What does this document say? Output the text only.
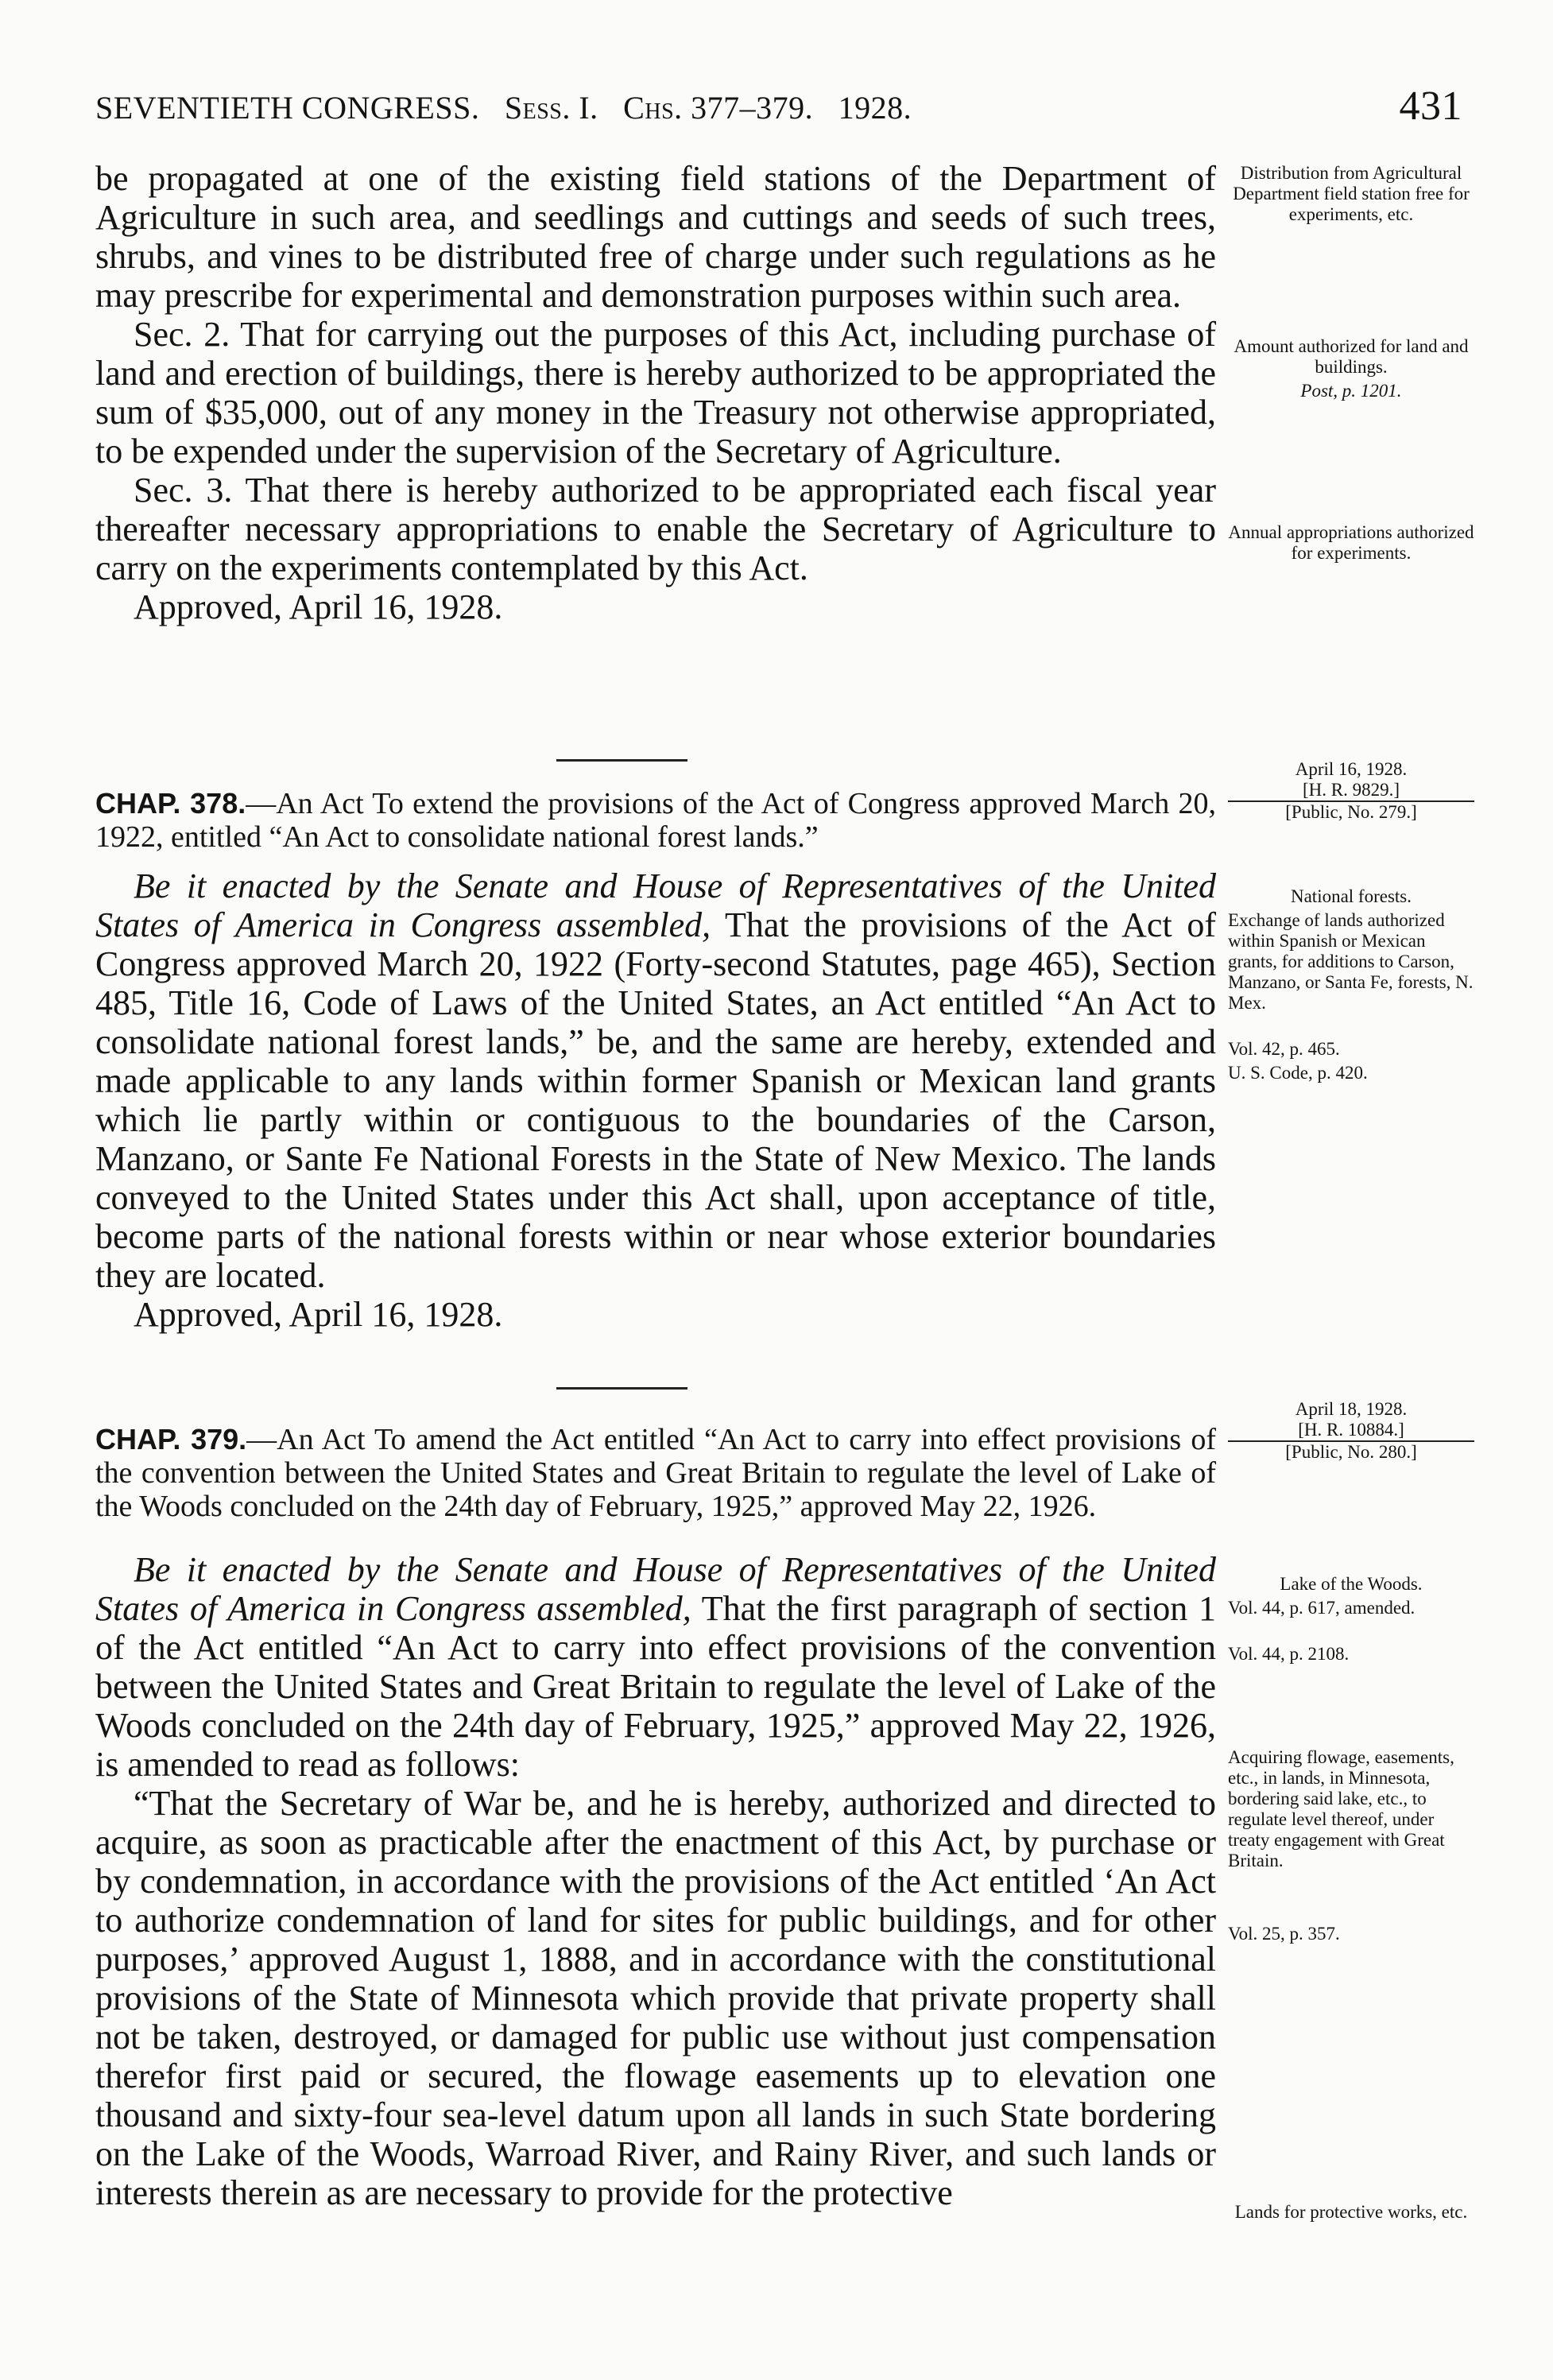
SEVENTIETH CONGRESS. Sess. I. Chs. 377–379. 1928.	431

be propagated at one of the existing field stations of the Department of Agriculture in such area, and seedlings and cuttings and seeds of such trees, shrubs, and vines to be distributed free of charge under such regulations as he may prescribe for experimental and demonstration purposes within such area.

Sec. 2. That for carrying out the purposes of this Act, including purchase of land and erection of buildings, there is hereby authorized to be appropriated the sum of $35,000, out of any money in the Treasury not otherwise appropriated, to be expended under the supervision of the Secretary of Agriculture.

Sec. 3. That there is hereby authorized to be appropriated each fiscal year thereafter necessary appropriations to enable the Secretary of Agriculture to carry on the experiments contemplated by this Act.

Approved, April 16, 1928.

Distribution from Agricultural Department field station free for experiments, etc.
Amount authorized for land and buildings.
Post, p. 1201.
Annual appropriations authorized for experiments.
April 16, 1928.
[H. R. 9829.]
[Public, No. 279.]

CHAP. 378.—An Act To extend the provisions of the Act of Congress approved March 20, 1922, entitled “An Act to consolidate national forest lands.”

Be it enacted by the Senate and House of Representatives of the United States of America in Congress assembled, That the provisions of the Act of Congress approved March 20, 1922 (Forty-second Statutes, page 465), Section 485, Title 16, Code of Laws of the United States, an Act entitled “An Act to consolidate national forest lands,” be, and the same are hereby, extended and made applicable to any lands within former Spanish or Mexican land grants which lie partly within or contiguous to the boundaries of the Carson, Manzano, or Sante Fe National Forests in the State of New Mexico. The lands conveyed to the United States under this Act shall, upon acceptance of title, become parts of the national forests within or near whose exterior boundaries they are located.

Approved, April 16, 1928.

National forests.
Exchange of lands authorized within Spanish or Mexican grants, for additions to Carson, Manzano, or Santa Fe, forests, N. Mex.
Vol. 42, p. 465.
U. S. Code, p. 420.
April 18, 1928.
[H. R. 10884.]
[Public, No. 280.]

CHAP. 379.—An Act To amend the Act entitled “An Act to carry into effect provisions of the convention between the United States and Great Britain to regulate the level of Lake of the Woods concluded on the 24th day of February, 1925,” approved May 22, 1926.

Be it enacted by the Senate and House of Representatives of the United States of America in Congress assembled, That the first paragraph of section 1 of the Act entitled “An Act to carry into effect provisions of the convention between the United States and Great Britain to regulate the level of Lake of the Woods concluded on the 24th day of February, 1925,” approved May 22, 1926, is amended to read as follows:

“That the Secretary of War be, and he is hereby, authorized and directed to acquire, as soon as practicable after the enactment of this Act, by purchase or by condemnation, in accordance with the provisions of the Act entitled ‘An Act to authorize condemnation of land for sites for public buildings, and for other purposes,’ approved August 1, 1888, and in accordance with the constitutional provisions of the State of Minnesota which provide that private property shall not be taken, destroyed, or damaged for public use without just compensation therefor first paid or secured, the flowage easements up to elevation one thousand and sixty-four sea-level datum upon all lands in such State bordering on the Lake of the Woods, Warroad River, and Rainy River, and such lands or interests therein as are necessary to provide for the protective

Lake of the Woods.
Vol. 44, p. 617, amended.
Vol. 44, p. 2108.
Acquiring flowage, easements, etc., in lands, in Minnesota, bordering said lake, etc., to regulate level thereof, under treaty engagement with Great Britain.
Vol. 25, p. 357.
Lands for protective works, etc.
